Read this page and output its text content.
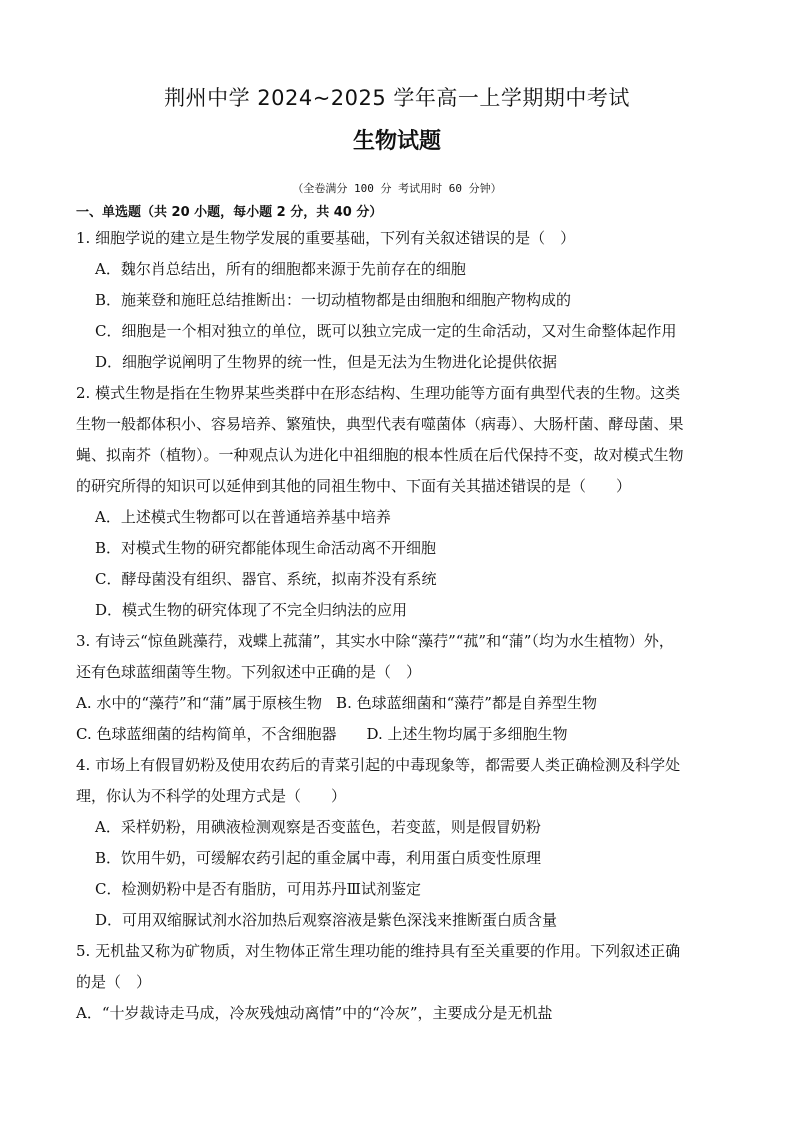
荆州中学 2024~2025 学年高一上学期期中考试
生物试题
（全卷满分 100 分 考试用时 60 分钟）
一、单选题（共 20 小题，每小题 2 分，共 40 分）
1. 细胞学说的建立是生物学发展的重要基础，下列有关叙述错误的是（　）
A．魏尔肖总结出，所有的细胞都来源于先前存在的细胞
B．施莱登和施旺总结推断出：一切动植物都是由细胞和细胞产物构成的
C．细胞是一个相对独立的单位，既可以独立完成一定的生命活动，又对生命整体起作用
D．细胞学说阐明了生物界的统一性，但是无法为生物进化论提供依据
2. 模式生物是指在生物界某些类群中在形态结构、生理功能等方面有典型代表的生物。这类
生物一般都体积小、容易培养、繁殖快，典型代表有噬菌体（病毒）、大肠杆菌、酵母菌、果
蝇、拟南芥（植物）。一种观点认为进化中祖细胞的根本性质在后代保持不变，故对模式生物
的研究所得的知识可以延伸到其他的同祖生物中、下面有关其描述错误的是（　　）
A．上述模式生物都可以在普通培养基中培养
B．对模式生物的研究都能体现生命活动离不开细胞
C．酵母菌没有组织、器官、系统，拟南芥没有系统
D．模式生物的研究体现了不完全归纳法的应用
3. 有诗云“惊鱼跳藻荇，戏蝶上菰蒲”，其实水中除“藻荇”“菰”和“蒲”（均为水生植物）外，
还有色球蓝细菌等生物。下列叙述中正确的是（　）
A. 水中的“藻荇”和“蒲”属于原核生物 B. 色球蓝细菌和“藻荇”都是自养型生物
C. 色球蓝细菌的结构简单，不含细胞器 D. 上述生物均属于多细胞生物
4. 市场上有假冒奶粉及使用农药后的青菜引起的中毒现象等，都需要人类正确检测及科学处
理，你认为不科学的处理方式是（　　）
A．采样奶粉，用碘液检测观察是否变蓝色，若变蓝，则是假冒奶粉
B．饮用牛奶，可缓解农药引起的重金属中毒，利用蛋白质变性原理
C．检测奶粉中是否有脂肪，可用苏丹Ⅲ试剂鉴定
D．可用双缩脲试剂水浴加热后观察溶液是紫色深浅来推断蛋白质含量
5. 无机盐又称为矿物质，对生物体正常生理功能的维持具有至关重要的作用。下列叙述正确
的是（　）
A．“十岁裁诗走马成，冷灰残烛动离情”中的“冷灰”，主要成分是无机盐
